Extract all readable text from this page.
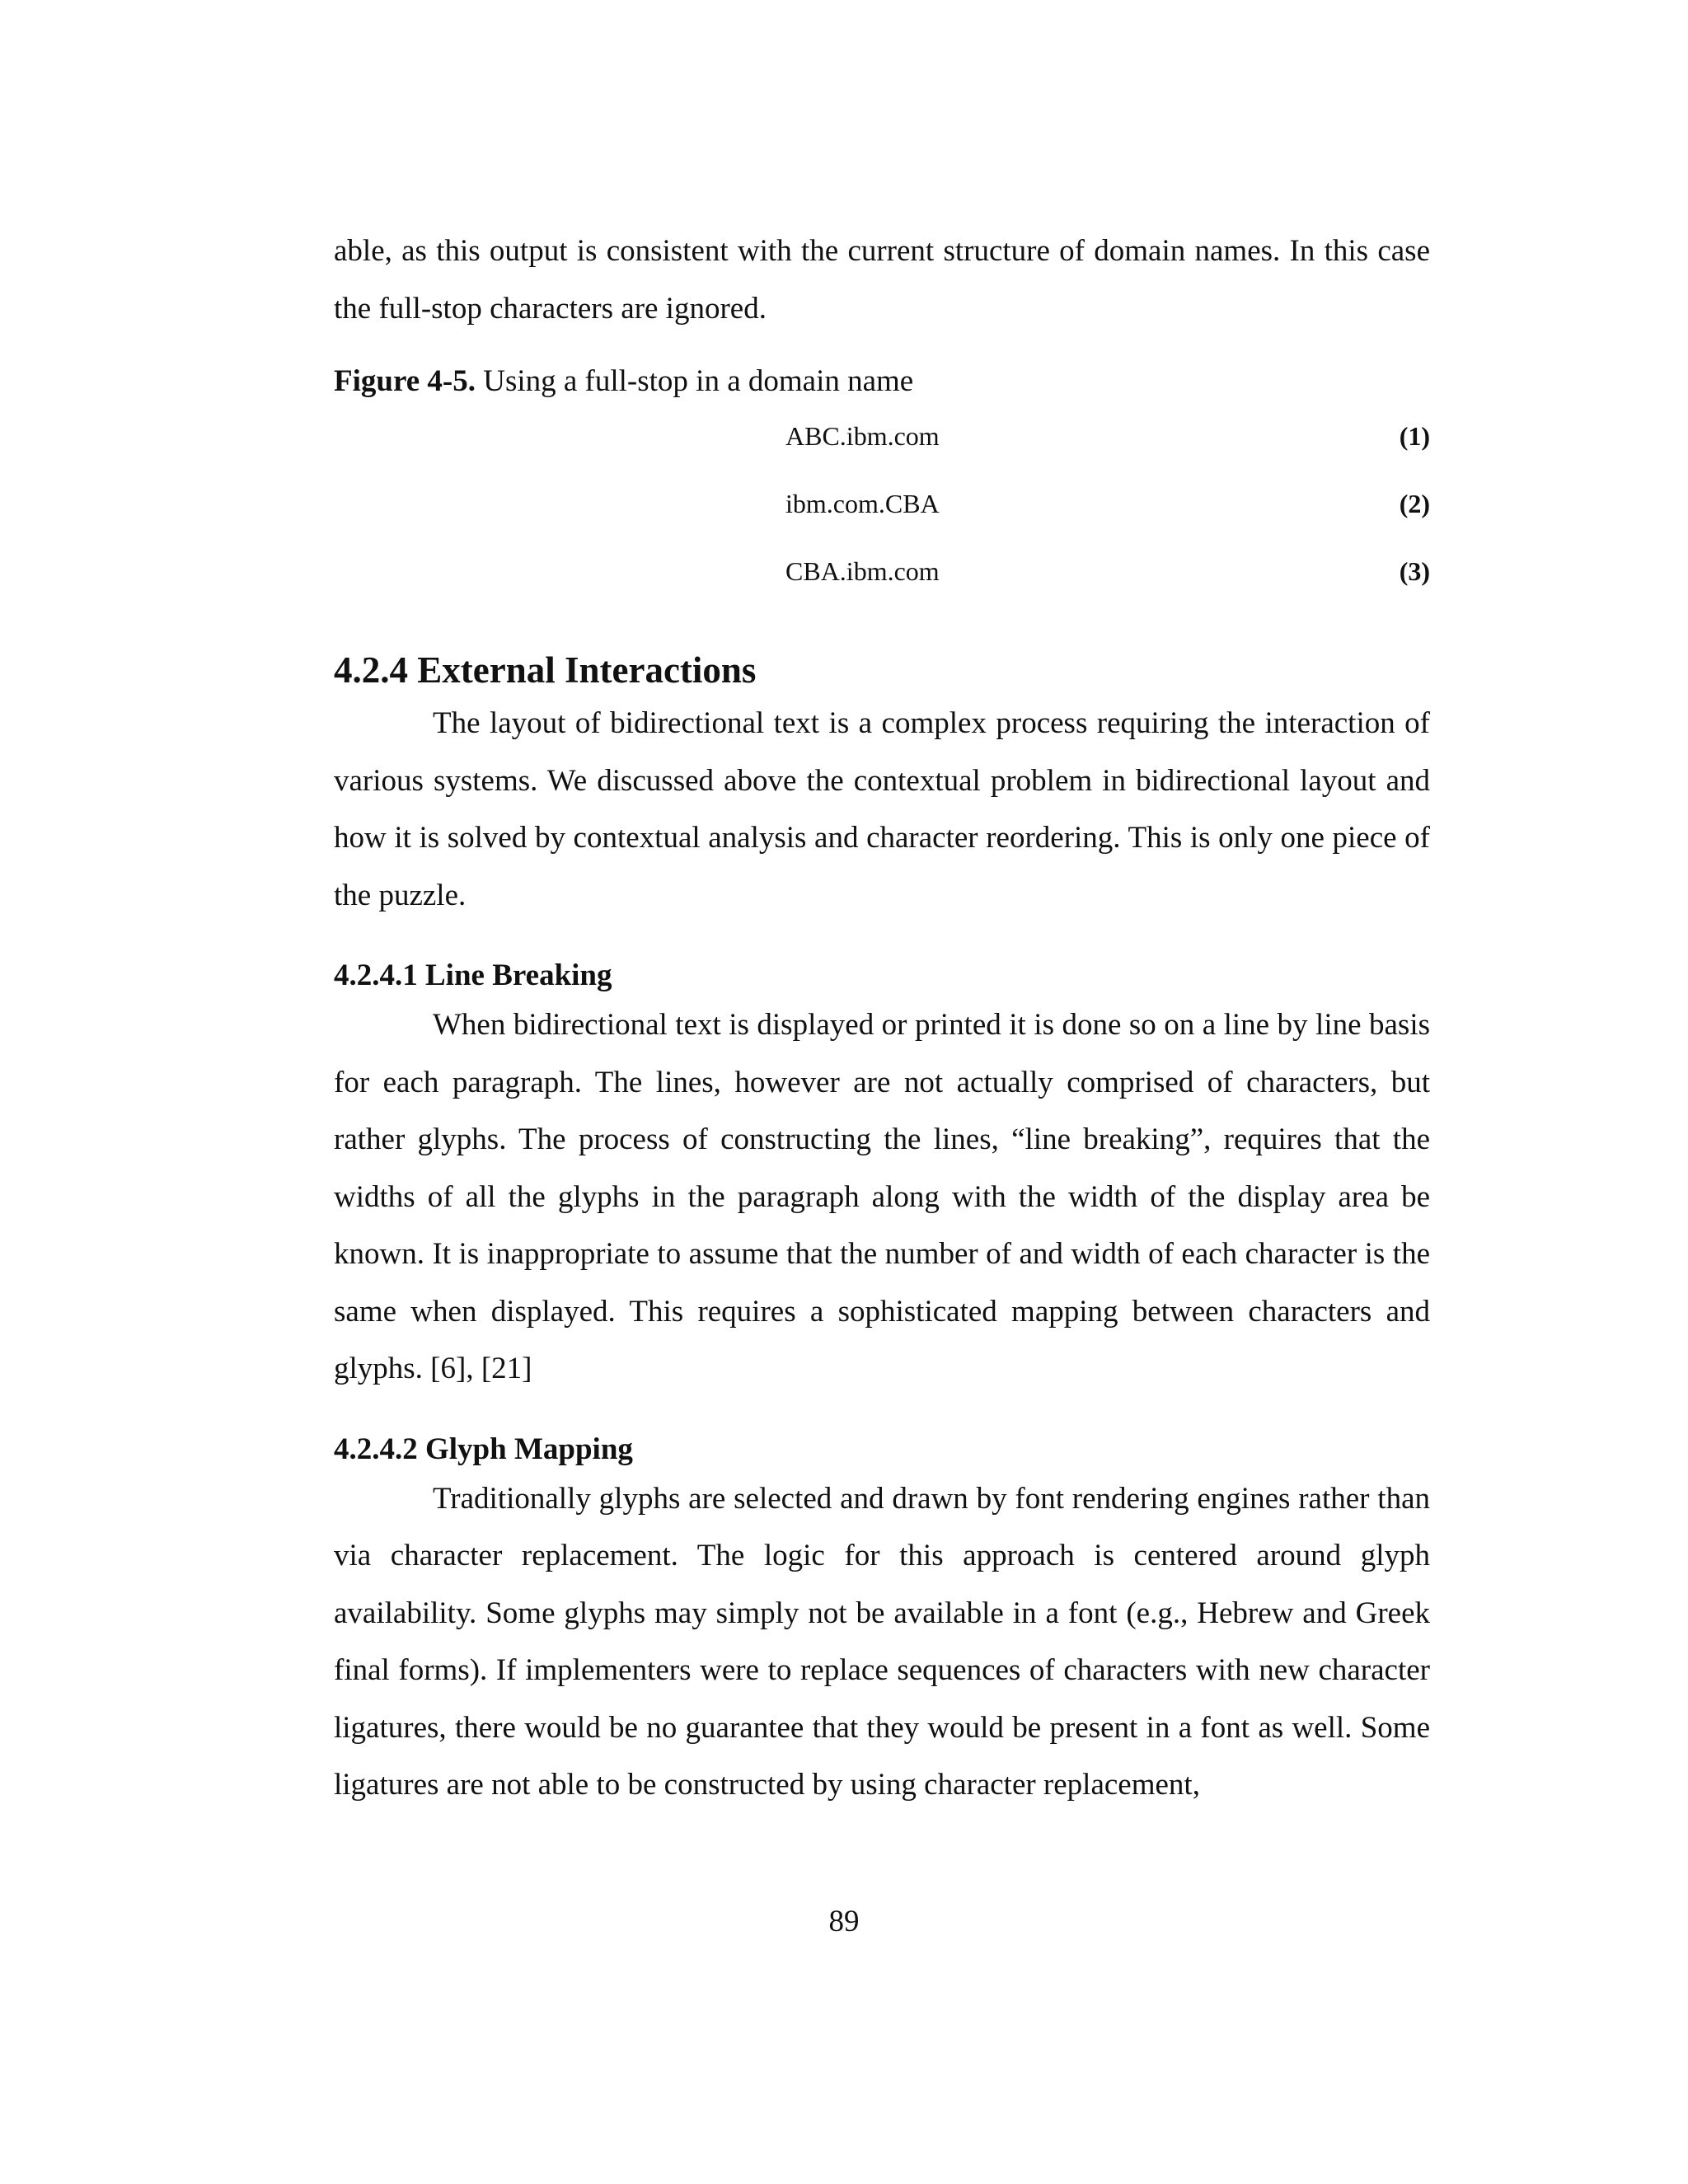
able, as this output is consistent with the current structure of domain names. In this case the full-stop characters are ignored.

Figure 4-5. Using a full-stop in a domain name
ABC.ibm.com	(1)
ibm.com.CBA	(2)
CBA.ibm.com	(3)
4.2.4 External Interactions

The layout of bidirectional text is a complex process requiring the interaction of various systems. We discussed above the contextual problem in bidirectional layout and how it is solved by contextual analysis and character reordering. This is only one piece of the puzzle.

4.2.4.1 Line Breaking

When bidirectional text is displayed or printed it is done so on a line by line basis for each paragraph. The lines, however are not actually comprised of characters, but rather glyphs. The process of constructing the lines, “line breaking”, requires that the widths of all the glyphs in the paragraph along with the width of the display area be known. It is inappropriate to assume that the number of and width of each character is the same when displayed. This requires a sophisticated mapping between characters and glyphs. [6], [21]

4.2.4.2 Glyph Mapping

Traditionally glyphs are selected and drawn by font rendering engines rather than via character replacement. The logic for this approach is centered around glyph availability. Some glyphs may simply not be available in a font (e.g., Hebrew and Greek final forms). If implementers were to replace sequences of characters with new character ligatures, there would be no guarantee that they would be present in a font as well. Some ligatures are not able to be constructed by using character replacement,

89
